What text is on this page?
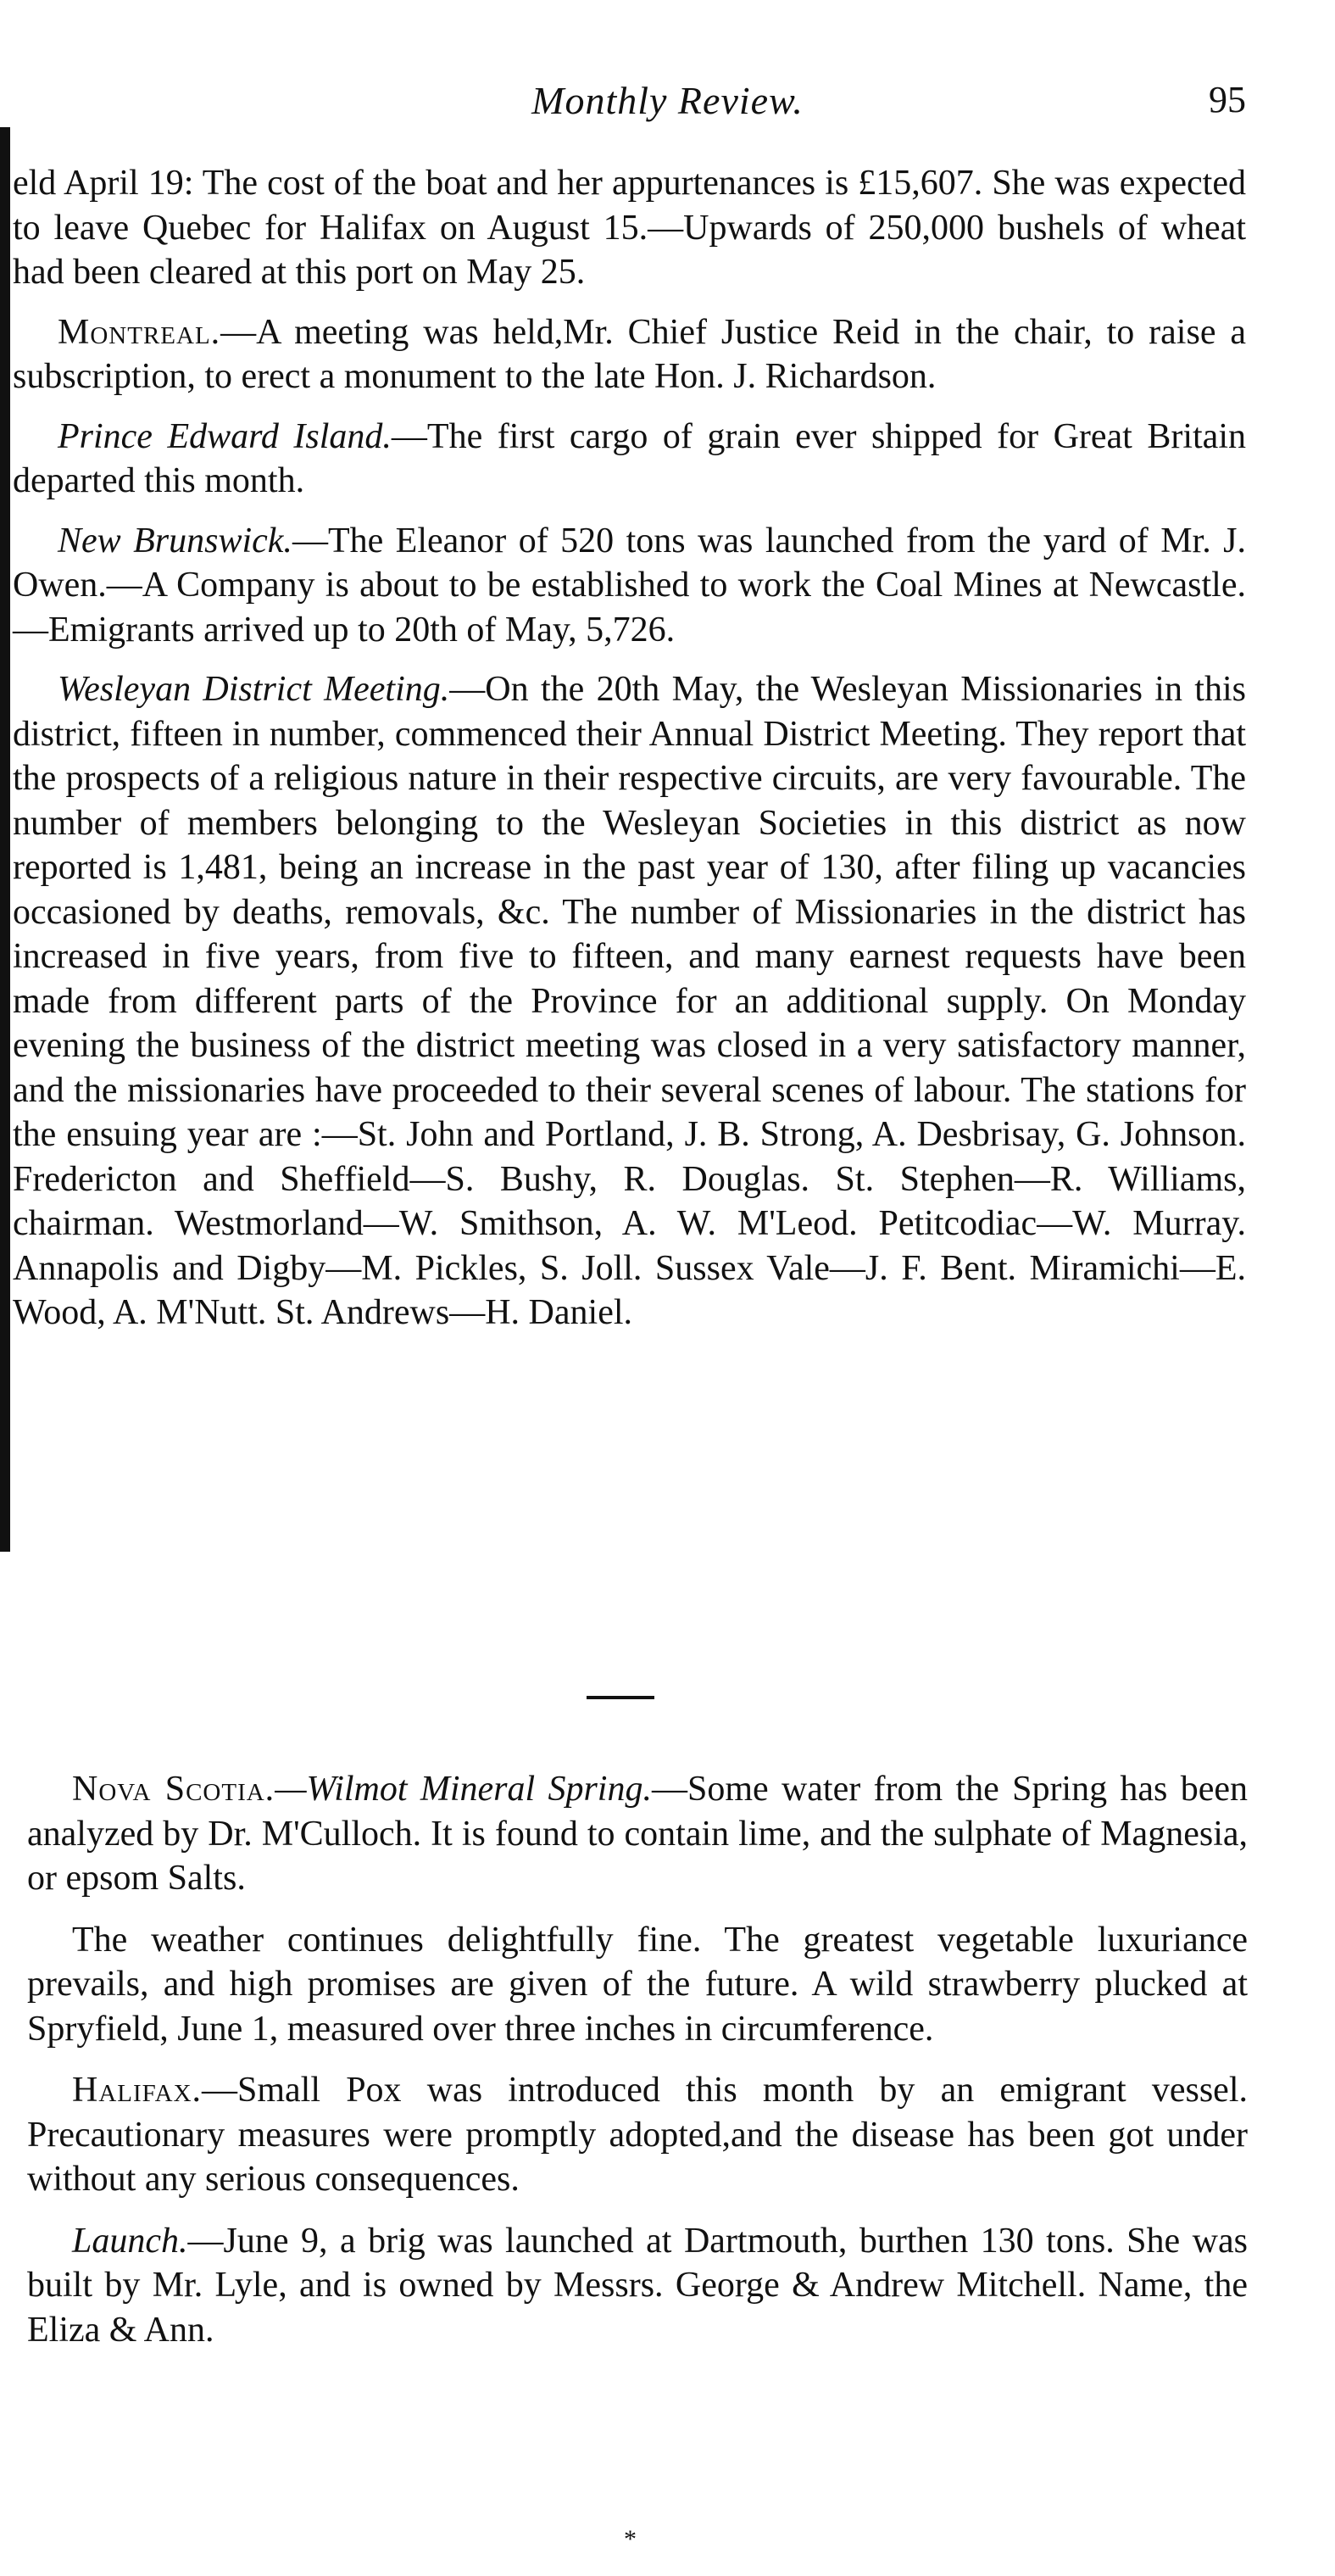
Monthly Review.	95

eld April 19: The cost of the boat and her appurtenances is £15,607. She was expected to leave Quebec for Halifax on August 15.—Upwards of 250,000 bushels of wheat had been cleared at this port on May 25.

Montreal.—A meeting was held,Mr. Chief Justice Reid in the chair, to raise a subscription, to erect a monument to the late Hon. J. Richardson.

Prince Edward Island.—The first cargo of grain ever shipped for Great Britain departed this month.

New Brunswick.—The Eleanor of 520 tons was launched from the yard of Mr. J. Owen.—A Company is about to be established to work the Coal Mines at Newcastle.—Emigrants arrived up to 20th of May, 5,726.

Wesleyan District Meeting.—On the 20th May, the Wesleyan Missionaries in this district, fifteen in number, commenced their Annual District Meeting. They report that the prospects of a religious nature in their respective circuits, are very favourable. The number of members belonging to the Wesleyan Societies in this district as now reported is 1,481, being an increase in the past year of 130, after filing up vacancies occasioned by deaths, removals, &c. The number of Missionaries in the district has increased in five years, from five to fifteen, and many earnest requests have been made from different parts of the Province for an additional supply. On Monday evening the business of the district meeting was closed in a very satisfactory manner, and the missionaries have proceeded to their several scenes of labour. The stations for the ensuing year are :—St. John and Portland, J. B. Strong, A. Desbrisay, G. Johnson. Fredericton and Sheffield—S. Bushy, R. Douglas. St. Stephen—R. Williams, chairman. Westmorland—W. Smithson, A. W. M'Leod. Petitcodiac—W. Murray. Annapolis and Digby—M. Pickles, S. Joll. Sussex Vale—J. F. Bent. Miramichi—E. Wood, A. M'Nutt. St. Andrews—H. Daniel.

Nova Scotia.—Wilmot Mineral Spring.—Some water from the Spring has been analyzed by Dr. M'Culloch. It is found to contain lime, and the sulphate of Magnesia, or epsom Salts.

The weather continues delightfully fine. The greatest vegetable luxuriance prevails, and high promises are given of the future. A wild strawberry plucked at Spryfield, June 1, measured over three inches in circumference.

Halifax.—Small Pox was introduced this month by an emigrant vessel. Precautionary measures were promptly adopted,and the disease has been got under without any serious consequences.

Launch.—June 9, a brig was launched at Dartmouth, burthen 130 tons. She was built by Mr. Lyle, and is owned by Messrs. George & Andrew Mitchell. Name, the Eliza & Ann.

*
